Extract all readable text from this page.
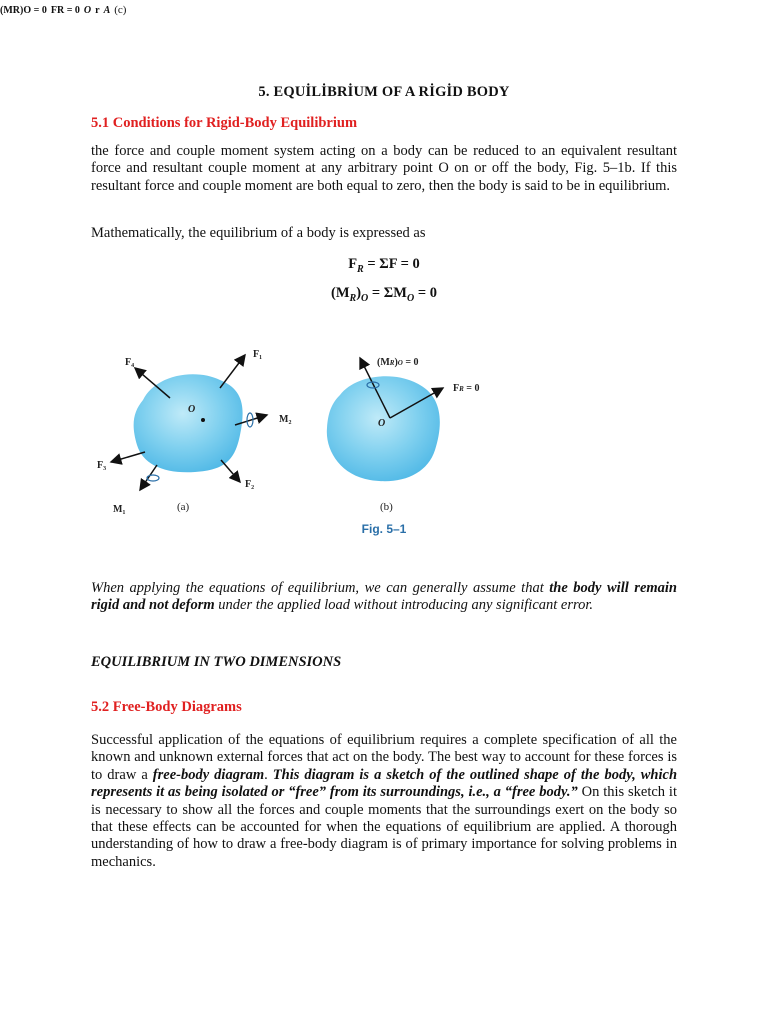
5. EQUİLİBRİUM OF A RİGİD BODY
5.1 Conditions for Rigid-Body Equilibrium
the force and couple moment system acting on a body can be reduced to an equivalent resultant force and resultant couple moment at any arbitrary point O on or off the body, Fig. 5–1b. If this resultant force and couple moment are both equal to zero, then the body is said to be in equilibrium.
Mathematically, the equilibrium of a body is expressed as
$F_R = \Sigma F = 0$
$(M_R)_O = \Sigma M_O = 0$
O
F₄
F₁
M₂
F₃
F₂
M₁	(a)
(MR)O = 0
FR = 0
O
(b)
(MR)O = 0 FR = 0 O r A (c)
Fig. 5–1
When applying the equations of equilibrium, we can generally assume that the body will remain rigid and not deform under the applied load without introducing any significant error.
EQUILIBRIUM IN TWO DIMENSIONS
5.2 Free-Body Diagrams
Successful application of the equations of equilibrium requires a complete specification of all the known and unknown external forces that act on the body. The best way to account for these forces is to draw a free-body diagram. This diagram is a sketch of the outlined shape of the body, which represents it as being isolated or “free” from its surroundings, i.e., a “free body.” On this sketch it is necessary to show all the forces and couple moments that the surroundings exert on the body so that these effects can be accounted for when the equations of equilibrium are applied. A thorough understanding of how to draw a free-body diagram is of primary importance for solving problems in mechanics.
